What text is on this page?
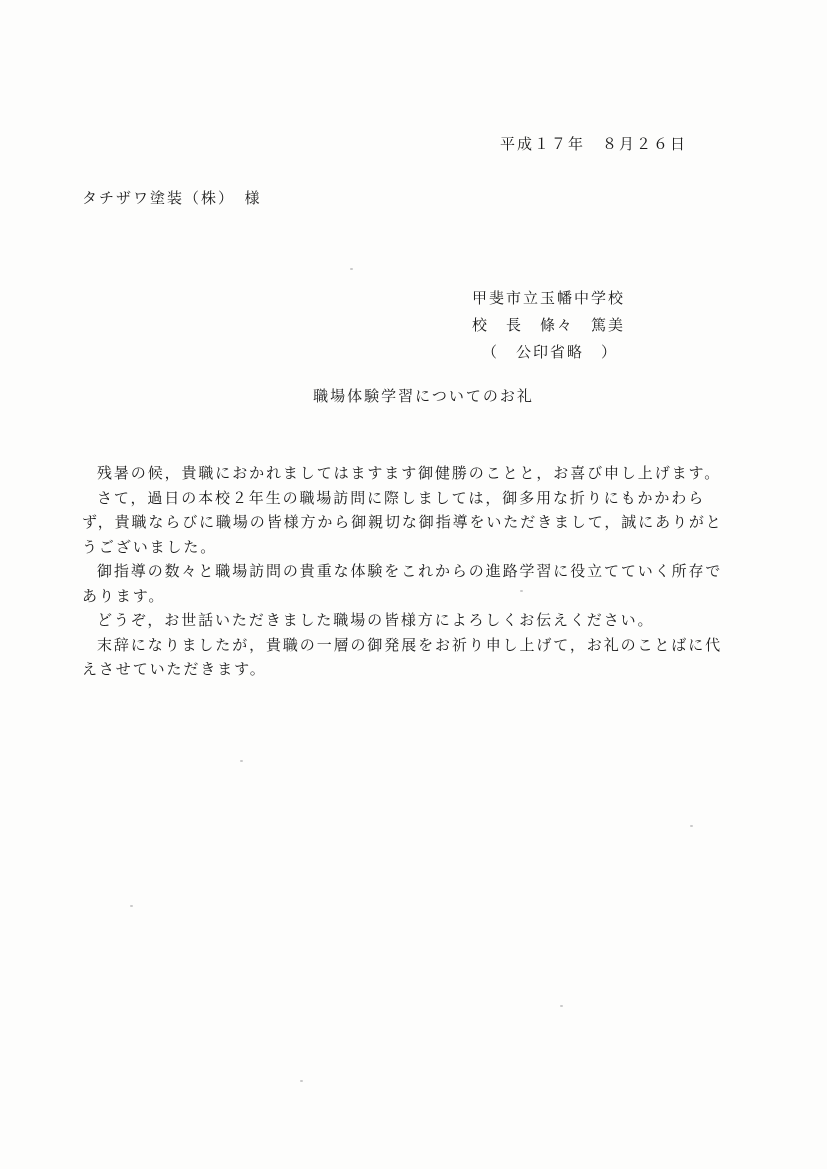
平成１７年　８月２６日
タチザワ塗装（株）　様
甲斐市立玉幡中学校
校　長　條々　篤美
（　公印省略　）
職場体験学習についてのお礼

残暑の候，貴職におかれましてはますます御健勝のことと，お喜び申し上げます。

さて，過日の本校２年生の職場訪問に際しましては，御多用な折りにもかかわらず，貴職ならびに職場の皆様方から御親切な御指導をいただきまして，誠にありがとうございました。

御指導の数々と職場訪問の貴重な体験をこれからの進路学習に役立てていく所存であります。

どうぞ，お世話いただきました職場の皆様方によろしくお伝えください。

末辞になりましたが，貴職の一層の御発展をお祈り申し上げて，お礼のことばに代えさせていただきます。
